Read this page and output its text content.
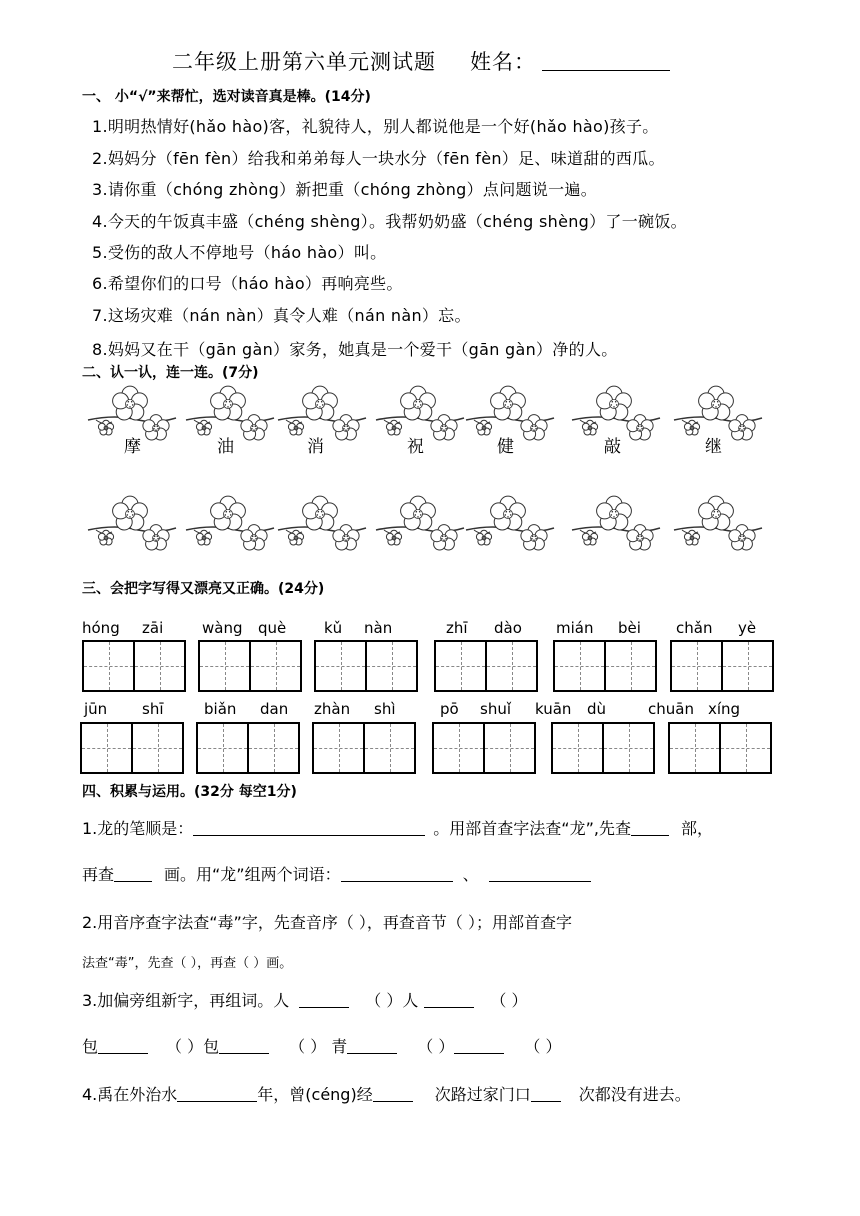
二年级上册第六单元测试题 姓名：
一、 小“√”来帮忙，选对读音真是棒。(14分)
1.明明热情好(hǎo hào)客，礼貌待人，别人都说他是一个好(hǎo hào)孩子。
2.妈妈分（fēn fèn）给我和弟弟每人一块水分（fēn fèn）足、味道甜的西瓜。
3.请你重（chóng zhòng）新把重（chóng zhòng）点问题说一遍。
4.今天的午饭真丰盛（chéng shèng）。我帮奶奶盛（chéng shèng）了一碗饭。
5.受伤的敌人不停地号（háo hào）叫。
6.希望你们的口号（háo hào）再响亮些。
7.这场灾难（nán nàn）真令人难（nán nàn）忘。
8.妈妈又在干（gān gàn）家务，她真是一个爱干（gān gàn）净的人。
二、认一认，连一连。(7分)
摩	油	消	祝	健	敲	继
三、会把字写得又漂亮又正确。(24分)
hóng zāi	wàng què	kǔ nàn	zhī dào mián bèi chǎn yè
jūn shī	biǎn dan zhàn shì	pō shuǐ kuān dù	chuān xíng
四、积累与运用。(32分 每空1分)
1.龙的笔顺是：	。用部首查字法查“龙”,先查	部，
再查	画。用“龙”组两个词语：	、
2.用音序查字法查“毒”字，先查音序（ ），再查音节（ ）；用部首查字
法查“毒”，先查（ ），再查（ ）画。
3.加偏旁组新字，再组词。人	（ ）人	（ ）
包	（ ）包	（ ） 青	（ ）	（ ）
4.禹在外治水	年，曾(céng)经	次路过家门口	次都没有进去。
